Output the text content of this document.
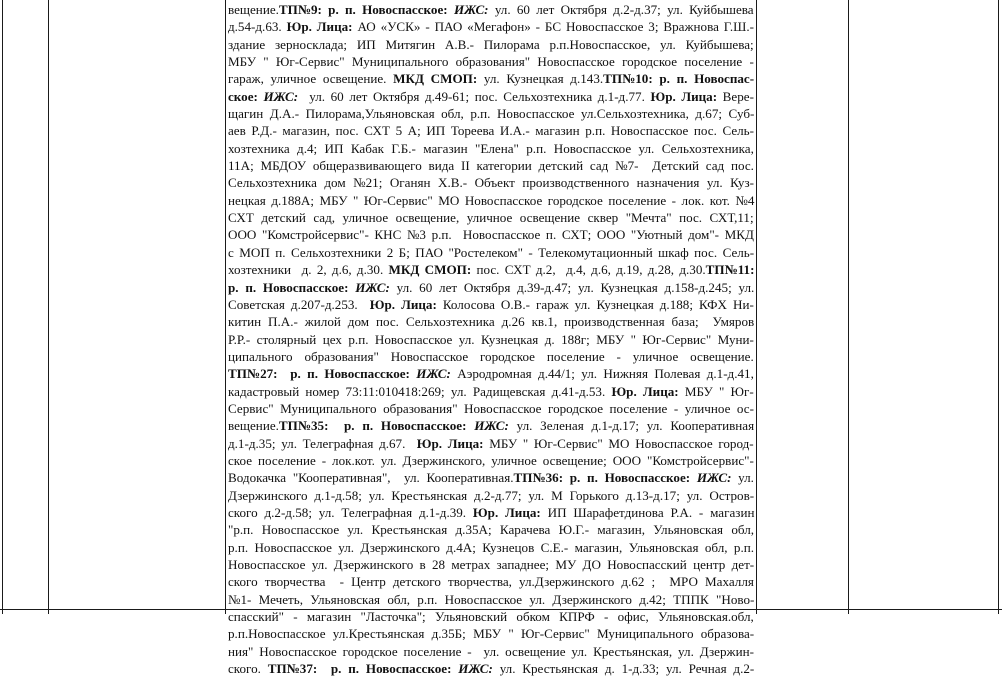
вещение.ТП№9: р. п. Новоспасское: ИЖС: ул. 60 лет Октября д.2-д.37; ул. Куйбышева
д.54-д.63. Юр. Лица: АО «УСК» - ПАО «Мегафон» - БС Новоспасское 3; Вражнова Г.Ш.-
здание зерносклада; ИП Митягин А.В.- Пилорама р.п.Новоспасское, ул. Куйбышева;
МБУ " Юг-Сервис" Муниципального образования" Новоспасское городское поселение -
гараж, уличное освещение. МКД СМОП: ул. Кузнецкая д.143.ТП№10: р. п. Новоспас-
ское: ИЖС:  ул. 60 лет Октября д.49-61; пос. Сельхозтехника д.1-д.77. Юр. Лица: Вере-
щагин Д.А.- Пилорама,Ульяновская обл, р.п. Новоспасское ул.Сельхозтехника, д.67; Суб-
аев Р.Д.- магазин, пос. СХТ 5 А; ИП Тореева И.А.- магазин р.п. Новоспасское пос. Сель-
хозтехника д.4; ИП Кабак Г.Б.- магазин "Елена" р.п. Новоспасское ул. Сельхозтехника,
11А; МБДОУ общеразвивающего вида II категории детский сад №7-  Детский сад пос.
Сельхозтехника дом №21; Оганян Х.В.- Объект производственного назначения ул. Куз-
нецкая д.188А; МБУ " Юг-Сервис" МО Новоспасское городское поселение - лок. кот. №4
СХТ детский сад, уличное освещение, уличное освещение сквер "Мечта" пос. СХТ,11;
ООО "Комстройсервис"- КНС №3 р.п.  Новоспасское п. СХТ; ООО "Уютный дом"- МКД
с МОП п. Сельхозтехники 2 Б; ПАО "Ростелеком" - Телекомутационный шкаф пос. Сель-
хозтехники  д. 2, д.6, д.30. МКД СМОП: пос. СХТ д.2,  д.4, д.6, д.19, д.28, д.30.ТП№11:
р. п. Новоспасское: ИЖС: ул. 60 лет Октября д.39-д.47; ул. Кузнецкая д.158-д.245; ул.
Советская д.207-д.253.  Юр. Лица: Колосова О.В.- гараж ул. Кузнецкая д.188; КФХ Ни-
китин П.А.- жилой дом пос. Сельхозтехника д.26 кв.1, производственная база;  Умяров
Р.Р.- столярный цех р.п. Новоспасское ул. Кузнецкая д. 188г; МБУ " Юг-Сервис" Муни-
ципального образования" Новоспасское городское поселение - уличное освещение.
ТП№27:  р. п. Новоспасское: ИЖС: Аэродромная д.44/1; ул. Нижняя Полевая д.1-д.41,
кадастровый номер 73:11:010418:269; ул. Радищевская д.41-д.53. Юр. Лица: МБУ " Юг-
Сервис" Муниципального образования" Новоспасское городское поселение - уличное ос-
вещение.ТП№35:  р. п. Новоспасское: ИЖС: ул. Зеленая д.1-д.17; ул. Кооперативная
д.1-д.35; ул. Телеграфная д.67.  Юр. Лица: МБУ " Юг-Сервис" МО Новоспасское город-
ское поселение - лок.кот. ул. Дзержинского, уличное освещение; ООО "Комстройсервис"-
Водокачка "Кооперативная",  ул. Кооперативная.ТП№36: р. п. Новоспасское: ИЖС: ул.
Дзержинского д.1-д.58; ул. Крестьянская д.2-д.77; ул. М Горького д.13-д.17; ул. Остров-
ского д.2-д.58; ул. Телеграфная д.1-д.39. Юр. Лица: ИП Шарафетдинова Р.А. - магазин
"р.п. Новоспасское ул. Крестьянская д.35А; Карачева Ю.Г.- магазин, Ульяновская обл,
р.п. Новоспасское ул. Дзержинского д.4А; Кузнецов С.Е.- магазин, Ульяновская обл, р.п.
Новоспасское ул. Дзержинского в 28 метрах западнее; МУ ДО Новоспасский центр дет-
ского творчества  - Центр детского творчества, ул.Дзержинского д.62 ;  МРО Махалля
№1- Мечеть, Ульяновская обл, р.п. Новоспасское ул. Дзержинского д.42; ТППК "Ново-
спасский" - магазин "Ласточка"; Ульяновский обком КПРФ - офис, Ульяновская.обл,
р.п.Новоспасское ул.Крестьянская д.35Б; МБУ " Юг-Сервис" Муниципального образова-
ния" Новоспасское городское поселение -  ул. освещение ул. Крестьянская, ул. Дзержин-
ского. ТП№37:  р. п. Новоспасское: ИЖС: ул. Крестьянская д. 1-д.33; ул. Речная д.2-
